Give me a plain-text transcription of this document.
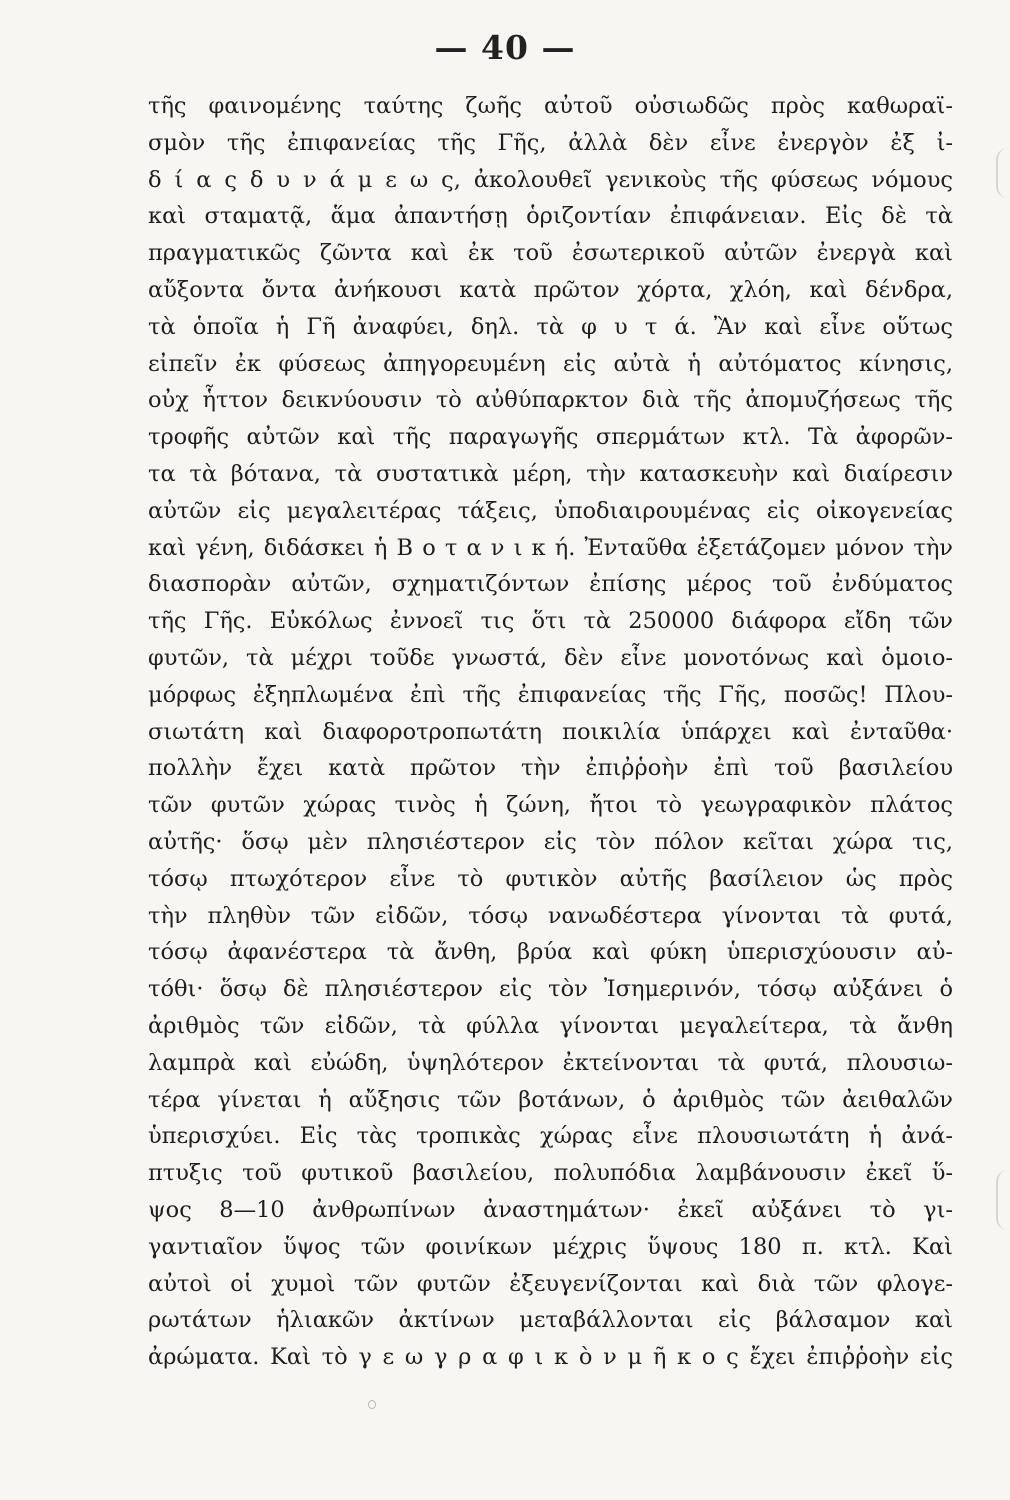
— 40 —
τῆς φαινομένης ταύτης ζωῆς αὐτοῦ οὐσιωδῶς πρὸς καθωραϊ-
σμὸν τῆς ἐπιφανείας τῆς Γῆς, ἀλλὰ δὲν εἶνε ἐνεργὸν ἐξ ἰ-
δ ί α ς δ υ ν ά μ ε ω ς, ἀκολουθεῖ γενικοὺς τῆς φύσεως νόμους
καὶ σταματᾷ, ἅμα ἀπαντήσῃ ὁριζοντίαν ἐπιφάνειαν. Εἰς δὲ τὰ
πραγματικῶς ζῶντα καὶ ἐκ τοῦ ἐσωτερικοῦ αὐτῶν ἐνεργὰ καὶ
αὔξοντα ὄντα ἀνήκουσι κατὰ πρῶτον χόρτα, χλόη, καὶ δένδρα,
τὰ ὁποῖα ἡ Γῆ ἀναφύει, δηλ. τὰ φ υ τ ά. Ἂν καὶ εἶνε οὕτως
εἰπεῖν ἐκ φύσεως ἀπηγορευμένη εἰς αὐτὰ ἡ αὐτόματος κίνησις,
οὐχ ἧττον δεικνύουσιν τὸ αὐθύπαρκτον διὰ τῆς ἀπομυζήσεως τῆς
τροφῆς αὐτῶν καὶ τῆς παραγωγῆς σπερμάτων κτλ. Τὰ ἀφορῶν-
τα τὰ βότανα, τὰ συστατικὰ μέρη, τὴν κατασκευὴν καὶ διαίρεσιν
αὐτῶν εἰς μεγαλειτέρας τάξεις, ὑποδιαιρουμένας εἰς οἰκογενείας
καὶ γένη, διδάσκει ἡ Β ο τ α ν ι κ ή. Ἐνταῦθα ἐξετάζομεν μόνον τὴν
διασπορὰν αὐτῶν, σχηματιζόντων ἐπίσης μέρος τοῦ ἐνδύματος
τῆς Γῆς. Εὐκόλως ἐννοεῖ τις ὅτι τὰ 250000 διάφορα εἴδη τῶν
φυτῶν, τὰ μέχρι τοῦδε γνωστά, δὲν εἶνε μονοτόνως καὶ ὁμοιο-
μόρφως ἐξηπλωμένα ἐπὶ τῆς ἐπιφανείας τῆς Γῆς, ποσῶς! Πλου-
σιωτάτη καὶ διαφοροτροπωτάτη ποικιλία ὑπάρχει καὶ ἐνταῦθα·
πολλὴν ἔχει κατὰ πρῶτον τὴν ἐπιῤῥοὴν ἐπὶ τοῦ βασιλείου
τῶν φυτῶν χώρας τινὸς ἡ ζώνη, ἤτοι τὸ γεωγραφικὸν πλάτος
αὐτῆς· ὅσῳ μὲν πλησιέστερον εἰς τὸν πόλον κεῖται χώρα τις,
τόσῳ πτωχότερον εἶνε τὸ φυτικὸν αὐτῆς βασίλειον ὡς πρὸς
τὴν πληθὺν τῶν εἰδῶν, τόσῳ νανωδέστερα γίνονται τὰ φυτά,
τόσῳ ἀφανέστερα τὰ ἄνθη, βρύα καὶ φύκη ὑπερισχύουσιν αὐ-
τόθι· ὅσῳ δὲ πλησιέστερον εἰς τὸν Ἰσημερινόν, τόσῳ αὐξάνει ὁ
ἀριθμὸς τῶν εἰδῶν, τὰ φύλλα γίνονται μεγαλείτερα, τὰ ἄνθη
λαμπρὰ καὶ εὐώδη, ὑψηλότερον ἐκτείνονται τὰ φυτά, πλουσιω-
τέρα γίνεται ἡ αὔξησις τῶν βοτάνων, ὁ ἀριθμὸς τῶν ἀειθαλῶν
ὑπερισχύει. Εἰς τὰς τροπικὰς χώρας εἶνε πλουσιωτάτη ἡ ἀνά-
πτυξις τοῦ φυτικοῦ βασιλείου, πολυπόδια λαμβάνουσιν ἐκεῖ ὕ-
ψος 8—10 ἀνθρωπίνων ἀναστημάτων· ἐκεῖ αὐξάνει τὸ γι-
γαντιαῖον ὕψος τῶν φοινίκων μέχρις ὕψους 180 π. κτλ. Καὶ
αὐτοὶ οἱ χυμοὶ τῶν φυτῶν ἐξευγενίζονται καὶ διὰ τῶν φλογε-
ρωτάτων ἡλιακῶν ἀκτίνων μεταβάλλονται εἰς βάλσαμον καὶ
ἀρώματα. Καὶ τὸ γ ε ω γ ρ α φ ι κ ὸ ν μ ῆ κ ο ς ἔχει ἐπιῤῥοὴν εἰς
